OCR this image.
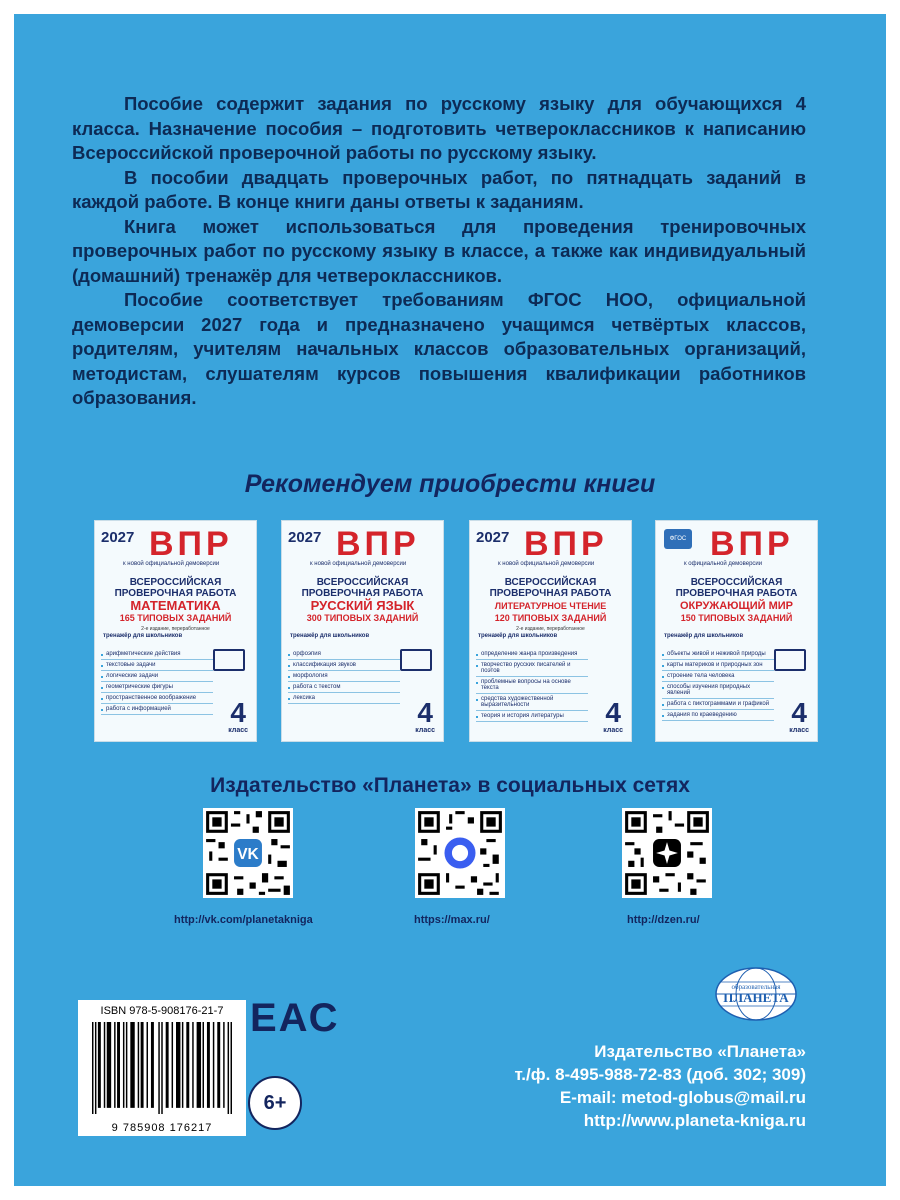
Пособие содержит задания по русскому языку для обучающихся 4 класса. Назначение пособия – подготовить четвероклассников к написанию Всероссийской проверочной работы по русскому языку.

В пособии двадцать проверочных работ, по пятнадцать заданий в каждой работе. В конце книги даны ответы к заданиям.

Книга может использоваться для проведения тренировочных проверочных работ по русскому языку в классе, а также как индивидуальный (домашний) тренажёр для четвероклассников.

Пособие соответствует требованиям ФГОС НОО, официальной демоверсии 2027 года и предназначено учащимся четвёртых классов, родителям, учителям начальных классов образовательных организаций, методистам, слушателям курсов повышения квалификации работников образования.

Рекомендуем приобрести книги
2027 ВПР
к новой официальной демоверсии
ВСЕРОССИЙСКАЯ
ПРОВЕРОЧНАЯ РАБОТА
МАТЕМАТИКА
165 ТИПОВЫХ ЗАДАНИЙ
2-е издание, переработанное
тренажёр для школьников
арифметические действия
текстовые задачи
логические задачи
геометрические фигуры
пространственное воображение
работа с информацией	4
класс
2027 ВПР
к новой официальной демоверсии
ВСЕРОССИЙСКАЯ
ПРОВЕРОЧНАЯ РАБОТА
РУССКИЙ ЯЗЫК
300 ТИПОВЫХ ЗАДАНИЙ
тренажёр для школьников
орфоэпия
классификация звуков
морфология
работа с текстом
лексика	4
класс
2027 ВПР
к новой официальной демоверсии
ВСЕРОССИЙСКАЯ
ПРОВЕРОЧНАЯ РАБОТА
ЛИТЕРАТУРНОЕ ЧТЕНИЕ
120 ТИПОВЫХ ЗАДАНИЙ
2-е издание, переработанное
тренажёр для школьников
определение жанра произведения
творчество русских писателей и поэтов
проблемные вопросы на основе текста
средства художественной выразительности
теория и история литературы	4
класс
ФГОС ВПР
к официальной демоверсии
ВСЕРОССИЙСКАЯ
ПРОВЕРОЧНАЯ РАБОТА
ОКРУЖАЮЩИЙ МИР
150 ТИПОВЫХ ЗАДАНИЙ
тренажёр для школьников
объекты живой и неживой природы
карты материков и природных зон
строение тела человека
способы изучения природных явлений
работа с пиктограммами и графикой
задания по краеведению	4
класс
Издательство «Планета» в социальных сетях
VK
http://vk.com/planetakniga	https://max.ru/	http://dzen.ru/
ISBN 978-5-908176-21-7
9 785908 176217
ЕАС
6+
образовательная
ПЛАНЕТА
Издательство «Планета»
т./ф. 8-495-988-72-83 (доб. 302; 309)
E-mail: metod-globus@mail.ru
http://www.planeta-kniga.ru
